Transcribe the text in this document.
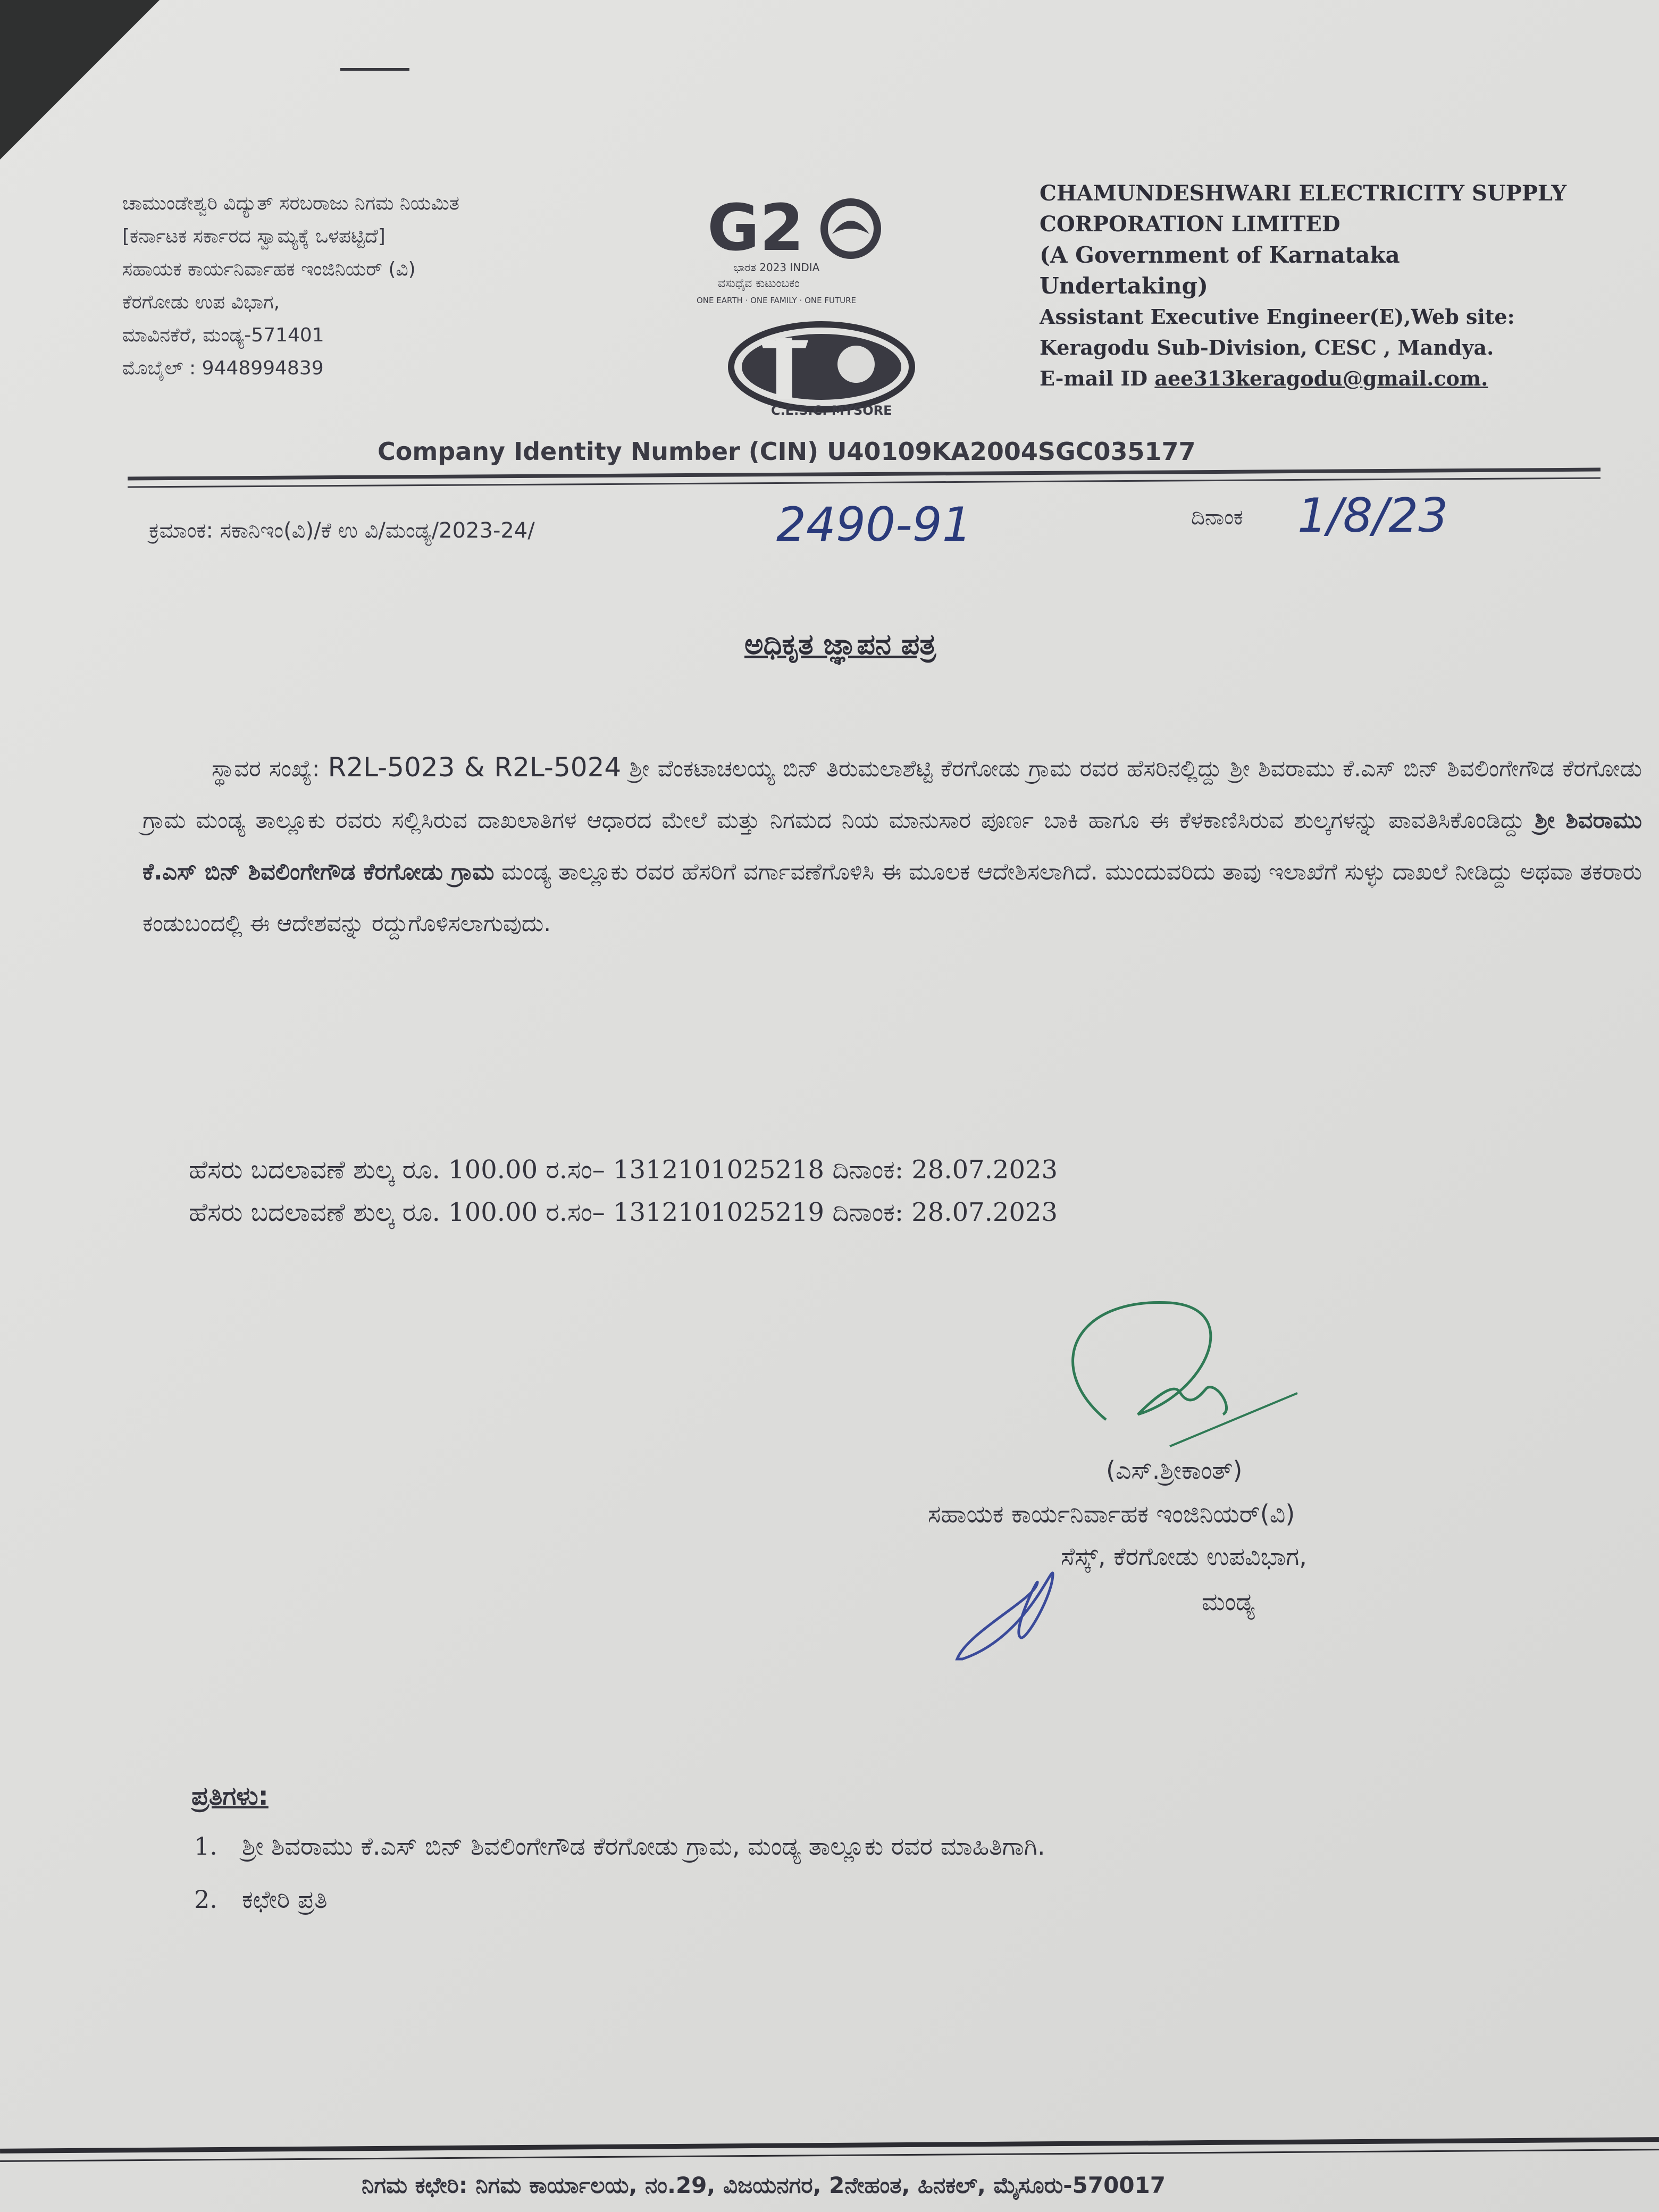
ಚಾಮುಂಡೇಶ್ವರಿ ವಿದ್ಯುತ್ ಸರಬರಾಜು ನಿಗಮ ನಿಯಮಿತ
[ಕರ್ನಾಟಕ ಸರ್ಕಾರದ ಸ್ವಾಮ್ಯಕ್ಕೆ ಒಳಪಟ್ಟಿದೆ]
ಸಹಾಯಕ ಕಾರ್ಯನಿರ್ವಾಹಕ ಇಂಜಿನಿಯರ್ (ವಿ)
ಕೆರಗೋಡು ಉಪ ವಿಭಾಗ,
ಮಾವಿನಕೆರೆ, ಮಂಡ್ಯ-571401
ಮೊಬೈಲ್ : 9448994839
G2
ಭಾರತ 2023 INDIA
ವಸುಧೈವ ಕುಟುಂಬಕಂ
ONE EARTH · ONE FAMILY · ONE FUTURE
C.E.S.C. MYSORE
CHAMUNDESHWARI ELECTRICITY SUPPLY
CORPORATION LIMITED
(A Government of Karnataka
Undertaking)
Assistant Executive Engineer(E),Web site:
Keragodu Sub-Division, CESC , Mandya.
E-mail ID aee313keragodu@gmail.com.
Company Identity Number (CIN) U40109KA2004SGC035177
ಕ್ರಮಾಂಕ: ಸಕಾನಿಇಂ(ವಿ)/ಕೆ ಉ ವಿ/ಮಂಡ್ಯ/2023-24/	2490-91	ದಿನಾಂಕ 1/8/23
ಅಧಿಕೃತ ಜ್ಞಾಪನ ಪತ್ರ
ಸ್ಥಾವರ ಸಂಖ್ಯೆ: R2L-5023 & R2L-5024 ಶ್ರೀ ವೆಂಕಟಾಚಲಯ್ಯ ಬಿನ್ ತಿರುಮಲಾಶೆಟ್ಟಿ ಕೆರಗೋಡು ಗ್ರಾಮ ರವರ ಹೆಸರಿನಲ್ಲಿದ್ದು ಶ್ರೀ ಶಿವರಾಮು ಕೆ.ಎಸ್ ಬಿನ್ ಶಿವಲಿಂಗೇಗೌಡ ಕೆರಗೋಡು ಗ್ರಾಮ ಮಂಡ್ಯ ತಾಲ್ಲೂಕು ರವರು ಸಲ್ಲಿಸಿರುವ ದಾಖಲಾತಿಗಳ ಆಧಾರದ ಮೇಲೆ ಮತ್ತು ನಿಗಮದ ನಿಯ ಮಾನುಸಾರ ಪೂರ್ಣ ಬಾಕಿ ಹಾಗೂ ಈ ಕೆಳಕಾಣಿಸಿರುವ ಶುಲ್ಕಗಳನ್ನು ಪಾವತಿಸಿಕೊಂಡಿದ್ದು ಶ್ರೀ ಶಿವರಾಮು ಕೆ.ಎಸ್ ಬಿನ್ ಶಿವಲಿಂಗೇಗೌಡ ಕೆರಗೋಡು ಗ್ರಾಮ ಮಂಡ್ಯ ತಾಲ್ಲೂಕು ರವರ ಹೆಸರಿಗೆ ವರ್ಗಾವಣೆಗೊಳಿಸಿ ಈ ಮೂಲಕ ಆದೇಶಿಸಲಾಗಿದೆ. ಮುಂದುವರಿದು ತಾವು ಇಲಾಖೆಗೆ ಸುಳ್ಳು ದಾಖಲೆ ನೀಡಿದ್ದು ಅಥವಾ ತಕರಾರು ಕಂಡುಬಂದಲ್ಲಿ ಈ ಆದೇಶವನ್ನು ರದ್ದುಗೊಳಿಸಲಾಗುವುದು.
ಹೆಸರು ಬದಲಾವಣೆ ಶುಲ್ಕ ರೂ. 100.00 ರ.ಸಂ– 1312101025218 ದಿನಾಂಕ: 28.07.2023
ಹೆಸರು ಬದಲಾವಣೆ ಶುಲ್ಕ ರೂ. 100.00 ರ.ಸಂ– 1312101025219 ದಿನಾಂಕ: 28.07.2023
(ಎಸ್.ಶ್ರೀಕಾಂತ್)
ಸಹಾಯಕ ಕಾರ್ಯನಿರ್ವಾಹಕ ಇಂಜಿನಿಯರ್(ವಿ)
ಸೆಸ್ಕ್, ಕೆರಗೋಡು ಉಪವಿಭಾಗ,
ಮಂಡ್ಯ
ಪ್ರತಿಗಳು:
1. ಶ್ರೀ ಶಿವರಾಮು ಕೆ.ಎಸ್ ಬಿನ್ ಶಿವಲಿಂಗೇಗೌಡ ಕೆರಗೋಡು ಗ್ರಾಮ, ಮಂಡ್ಯ ತಾಲ್ಲೂಕು ರವರ ಮಾಹಿತಿಗಾಗಿ.
2. ಕಛೇರಿ ಪ್ರತಿ
ನಿಗಮ ಕಛೇರಿ: ನಿಗಮ ಕಾರ್ಯಾಲಯ, ನಂ.29, ವಿಜಯನಗರ, 2ನೇಹಂತ, ಹಿನಕಲ್, ಮೈಸೂರು-570017
